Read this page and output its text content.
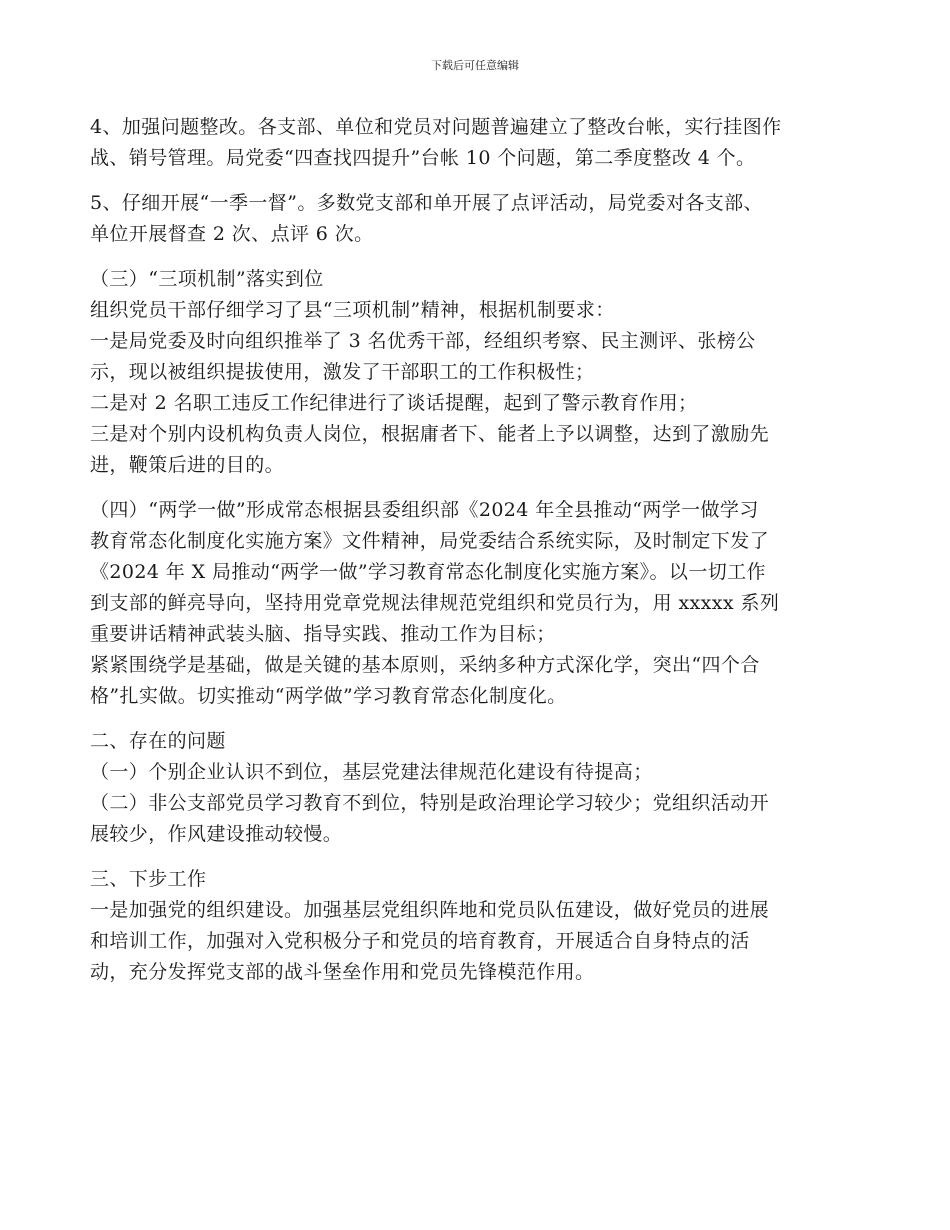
下载后可任意编辑

4、加强问题整改。各支部、单位和党员对问题普遍建立了整改台帐，实行挂图作
战、销号管理。局党委“四查找四提升”台帐 10 个问题，第二季度整改 4 个。

5、仔细开展“一季一督”。多数党支部和单开展了点评活动，局党委对各支部、
单位开展督查 2 次、点评 6 次。

（三）“三项机制”落实到位
组织党员干部仔细学习了县“三项机制”精神，根据机制要求：
一是局党委及时向组织推举了 3 名优秀干部，经组织考察、民主测评、张榜公
示，现以被组织提拔使用，激发了干部职工的工作积极性；
二是对 2 名职工违反工作纪律进行了谈话提醒，起到了警示教育作用；
三是对个别内设机构负责人岗位，根据庸者下、能者上予以调整，达到了激励先
进，鞭策后进的目的。

（四）“两学一做”形成常态根据县委组织部《2024 年全县推动“两学一做学习
教育常态化制度化实施方案》文件精神，局党委结合系统实际，及时制定下发了
《2024 年 X 局推动“两学一做”学习教育常态化制度化实施方案》。以一切工作
到支部的鲜亮导向，坚持用党章党规法律规范党组织和党员行为，用 xxxxx 系列
重要讲话精神武装头脑、指导实践、推动工作为目标；
紧紧围绕学是基础，做是关键的基本原则，采纳多种方式深化学，突出“四个合
格”扎实做。切实推动“两学做”学习教育常态化制度化。

二、存在的问题
（一）个别企业认识不到位，基层党建法律规范化建设有待提高；
（二）非公支部党员学习教育不到位，特别是政治理论学习较少；党组织活动开
展较少，作风建设推动较慢。

三、下步工作
一是加强党的组织建设。加强基层党组织阵地和党员队伍建设，做好党员的进展
和培训工作，加强对入党积极分子和党员的培育教育，开展适合自身特点的活
动，充分发挥党支部的战斗堡垒作用和党员先锋模范作用。
